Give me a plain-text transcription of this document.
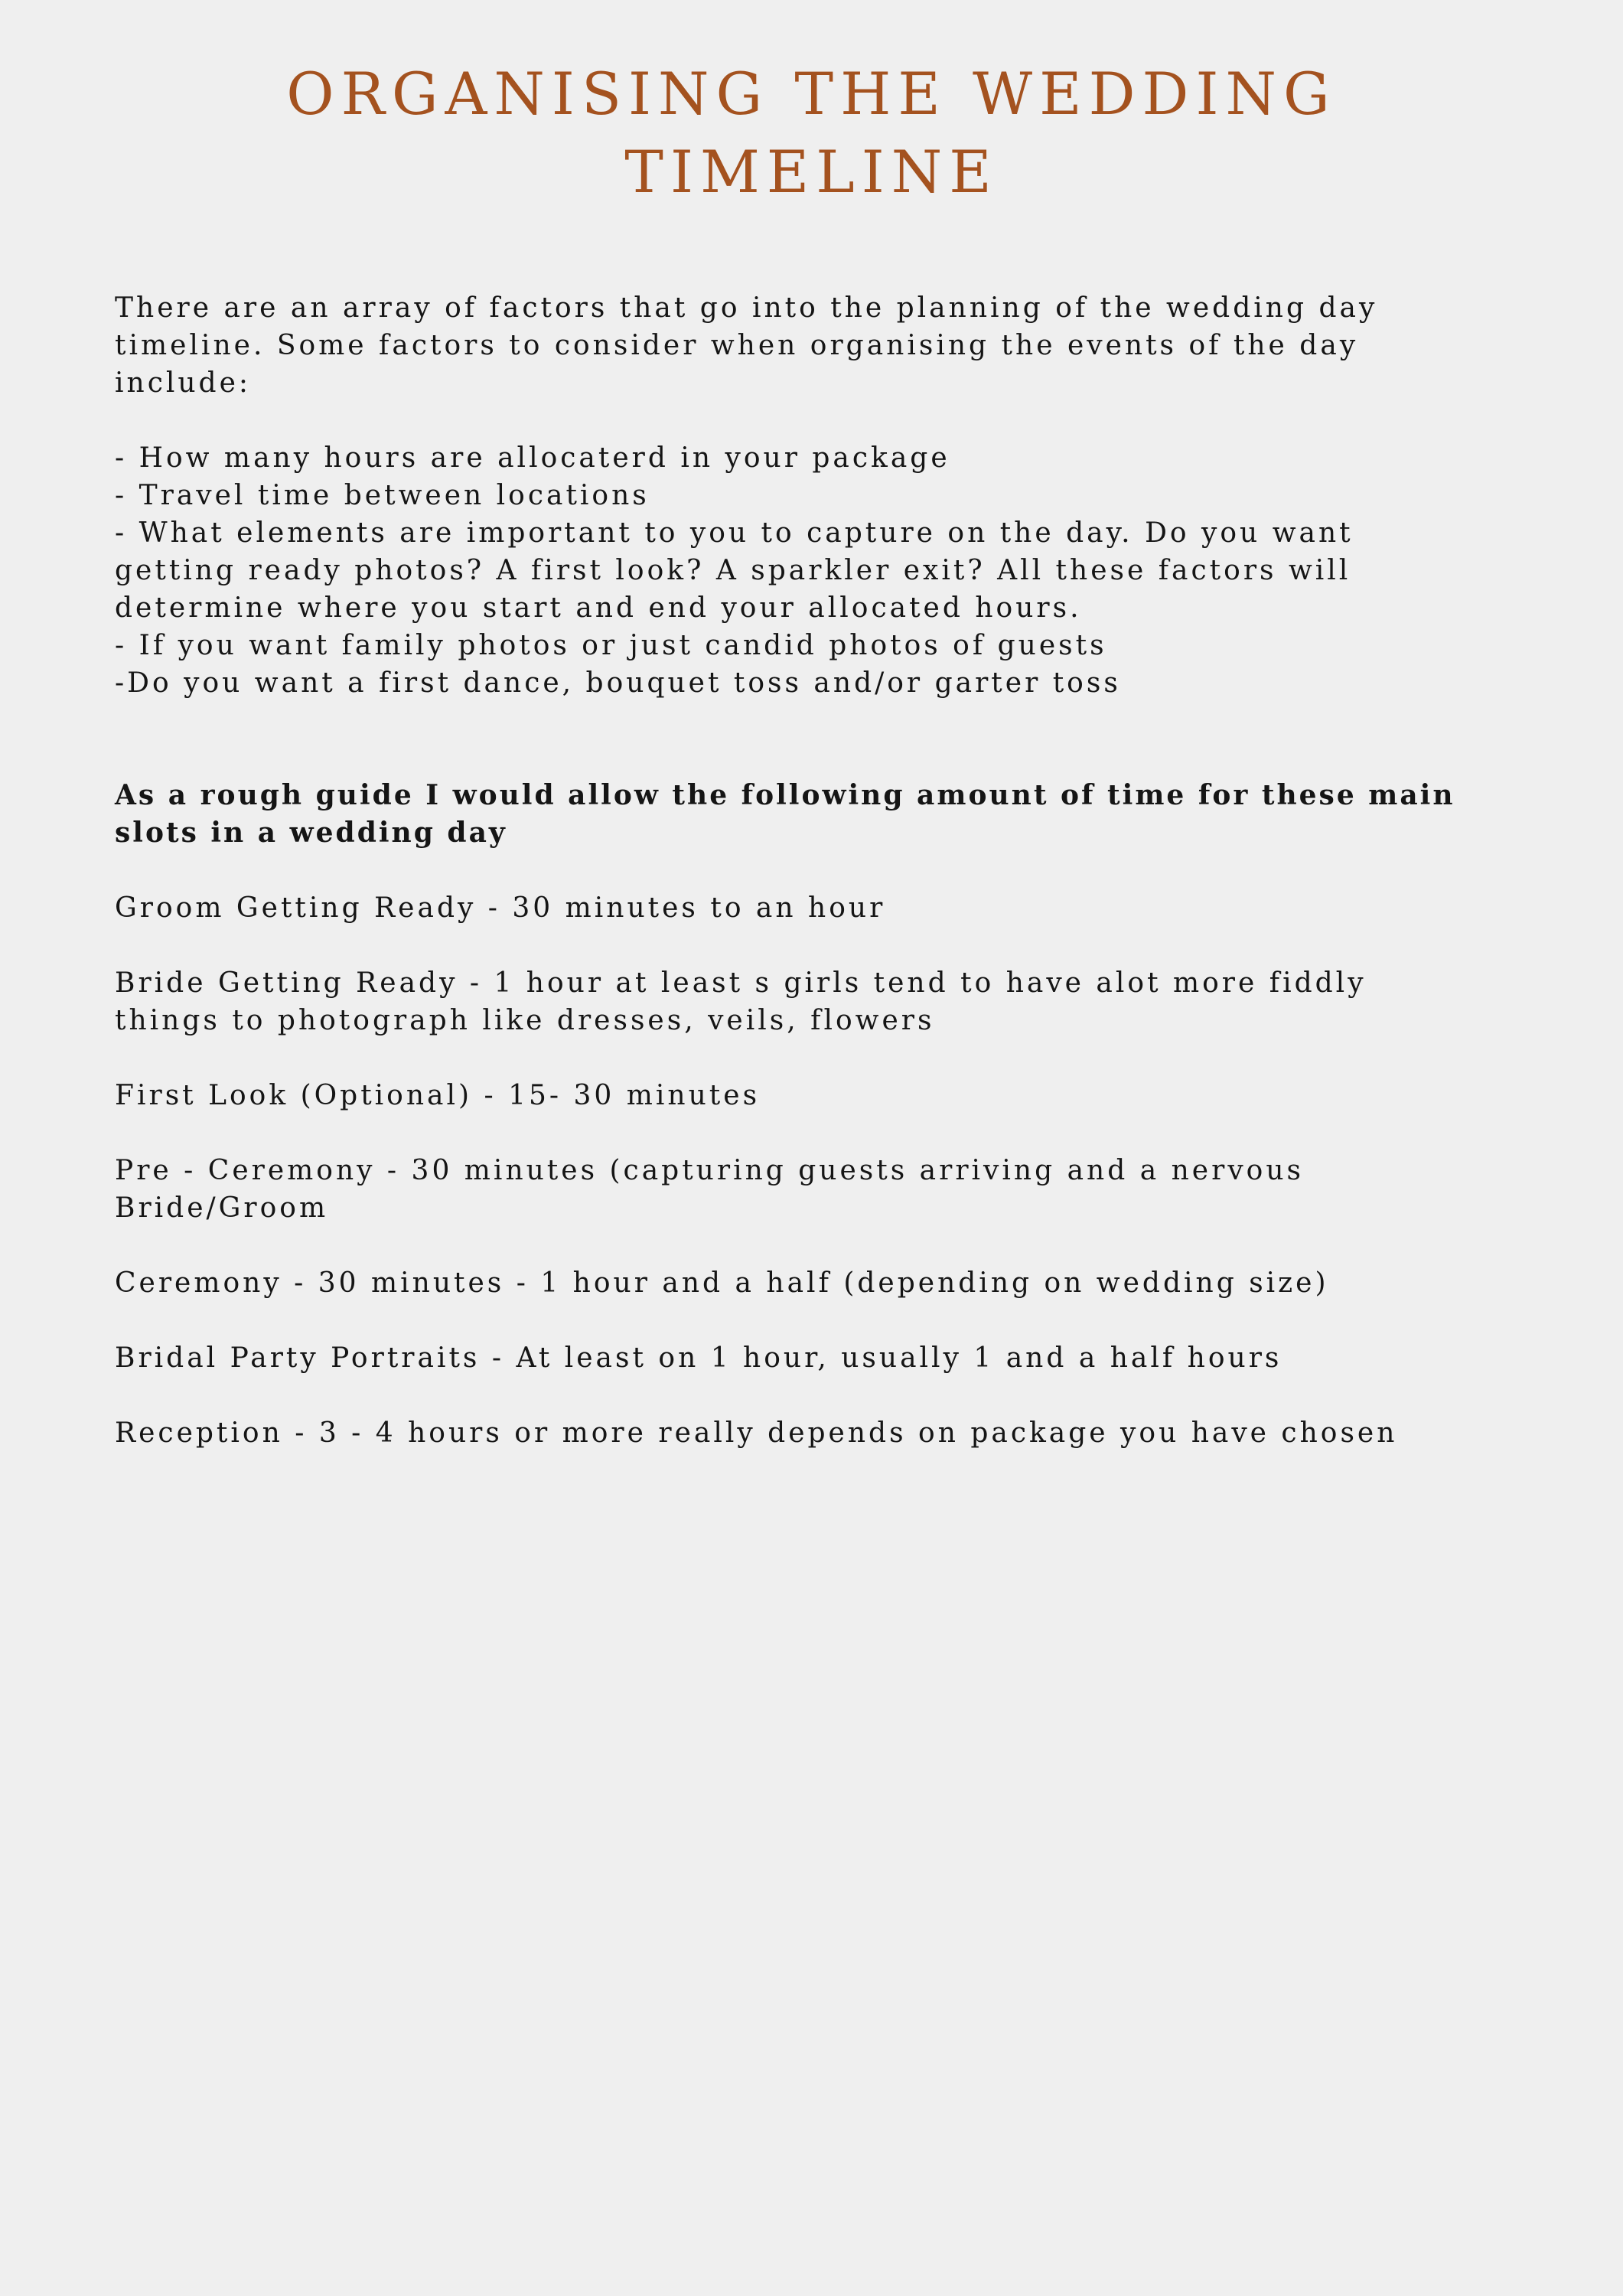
ORGANISING THE WEDDING
TIMELINE

There are an array of factors that go into the planning of the wedding day
timeline. Some factors to consider when organising the events of the day
include:

- How many hours are allocaterd in your package

- Travel time between locations

- What elements are important to you to capture on the day. Do you want
getting ready photos? A first look? A sparkler exit? All these factors will
determine where you start and end your allocated hours.

- If you want family photos or just candid photos of guests

-Do you want a first dance, bouquet toss and/or garter toss

As a rough guide I would allow the following amount of time for these main
slots in a wedding day

Groom Getting Ready - 30 minutes to an hour

Bride Getting Ready - 1 hour at least s girls tend to have alot more fiddly
things to photograph like dresses, veils, flowers

First Look (Optional) - 15- 30 minutes

Pre - Ceremony - 30 minutes (capturing guests arriving and a nervous
Bride/Groom

Ceremony - 30 minutes - 1 hour and a half (depending on wedding size)

Bridal Party Portraits - At least on 1 hour, usually 1 and a half hours

Reception - 3 - 4 hours or more really depends on package you have chosen
